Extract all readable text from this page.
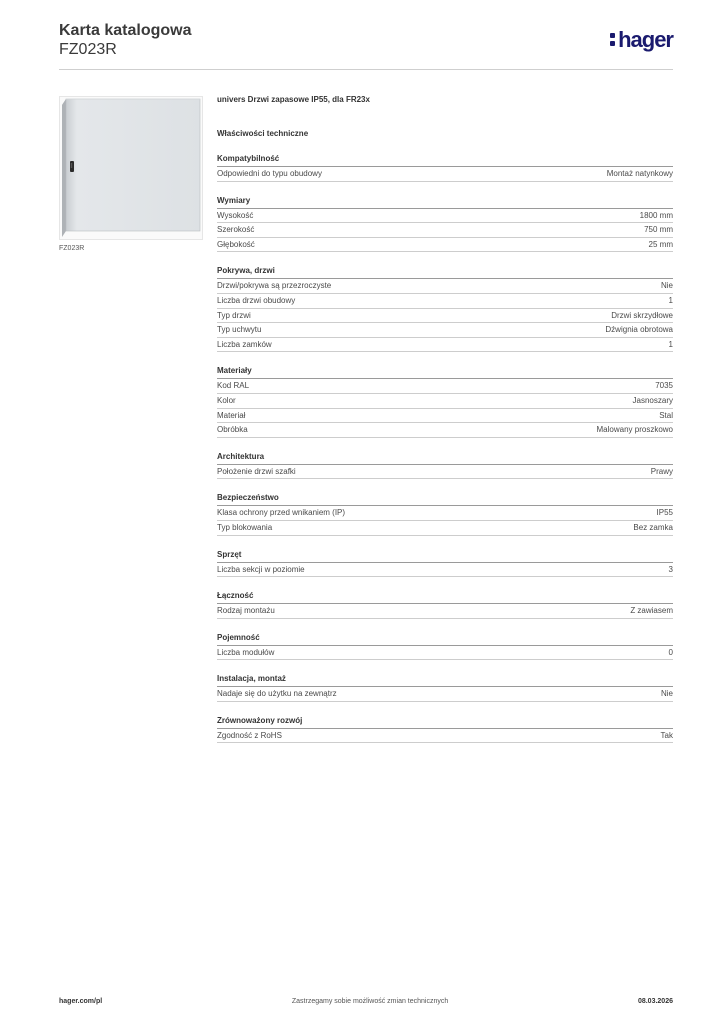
Karta katalogowa
FZ023R	hager
FZ023R
univers Drzwi zapasowe IP55, dla FR23x
Właściwości techniczne
Kompatybilność
Odpowiedni do typu obudowy	Montaż natynkowy
Wymiary
Wysokość	1800 mm
Szerokość	750 mm
Głębokość	25 mm
Pokrywa, drzwi
Drzwi/pokrywa są przezroczyste	Nie
Liczba drzwi obudowy	1
Typ drzwi	Drzwi skrzydłowe
Typ uchwytu	Dźwignia obrotowa
Liczba zamków	1
Materiały
Kod RAL	7035
Kolor	Jasnoszary
Materiał	Stal
Obróbka	Malowany proszkowo
Architektura
Położenie drzwi szafki	Prawy
Bezpieczeństwo
Klasa ochrony przed wnikaniem (IP)	IP55
Typ blokowania	Bez zamka
Sprzęt
Liczba sekcji w poziomie	3
Łączność
Rodzaj montażu	Z zawiasem
Pojemność
Liczba modułów	0
Instalacja, montaż
Nadaje się do użytku na zewnątrz	Nie
Zrównoważony rozwój
Zgodność z RoHS	Tak
hager.com/pl	Zastrzegamy sobie możliwość zmian technicznych	08.03.2026
